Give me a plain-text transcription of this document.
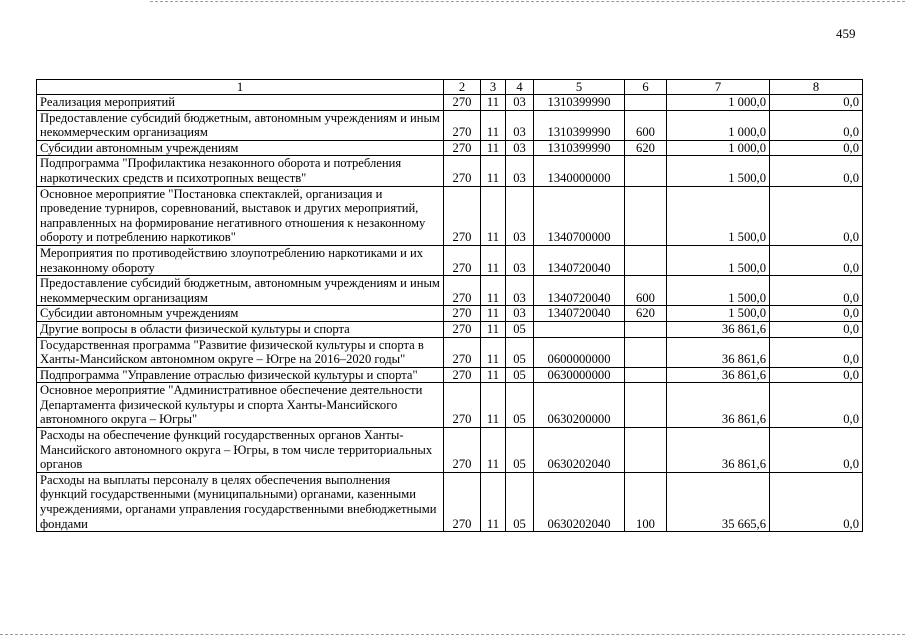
459
1	2	3	4	5	6	7	8
Реализация мероприятий	270	11	03	1310399990		1 000,0	0,0
Предоставление субсидий бюджетным, автономным учреждениям и иным некоммерческим организациям	270	11	03	1310399990	600	1 000,0	0,0
Субсидии автономным учреждениям	270	11	03	1310399990	620	1 000,0	0,0
Подпрограмма "Профилактика незаконного оборота и потребления наркотических средств и психотропных веществ"	270	11	03	1340000000		1 500,0	0,0
Основное мероприятие "Постановка спектаклей, организация и проведение турниров, соревнований, выставок и других мероприятий, направленных на формирование негативного отношения к незаконному обороту и потреблению наркотиков"	270	11	03	1340700000		1 500,0	0,0
Мероприятия по противодействию злоупотреблению наркотиками и их незаконному обороту	270	11	03	1340720040		1 500,0	0,0
Предоставление субсидий бюджетным, автономным учреждениям и иным некоммерческим организациям	270	11	03	1340720040	600	1 500,0	0,0
Субсидии автономным учреждениям	270	11	03	1340720040	620	1 500,0	0,0
Другие вопросы в области физической культуры и спорта	270	11	05			36 861,6	0,0
Государственная программа "Развитие физической культуры и спорта в Ханты-Мансийском автономном округе – Югре на 2016–2020 годы"	270	11	05	0600000000		36 861,6	0,0
Подпрограмма "Управление отраслью физической культуры и спорта"	270	11	05	0630000000		36 861,6	0,0
Основное мероприятие "Административное обеспечение деятельности Департамента физической культуры и спорта Ханты-Мансийского автономного округа – Югры"	270	11	05	0630200000		36 861,6	0,0
Расходы на обеспечение функций государственных органов Ханты-Мансийского автономного округа – Югры, в том числе территориальных органов	270	11	05	0630202040		36 861,6	0,0
Расходы на выплаты персоналу в целях обеспечения выполнения функций государственными (муниципальными) органами, казенными учреждениями, органами управления государственными внебюджетными фондами	270	11	05	0630202040	100	35 665,6	0,0
